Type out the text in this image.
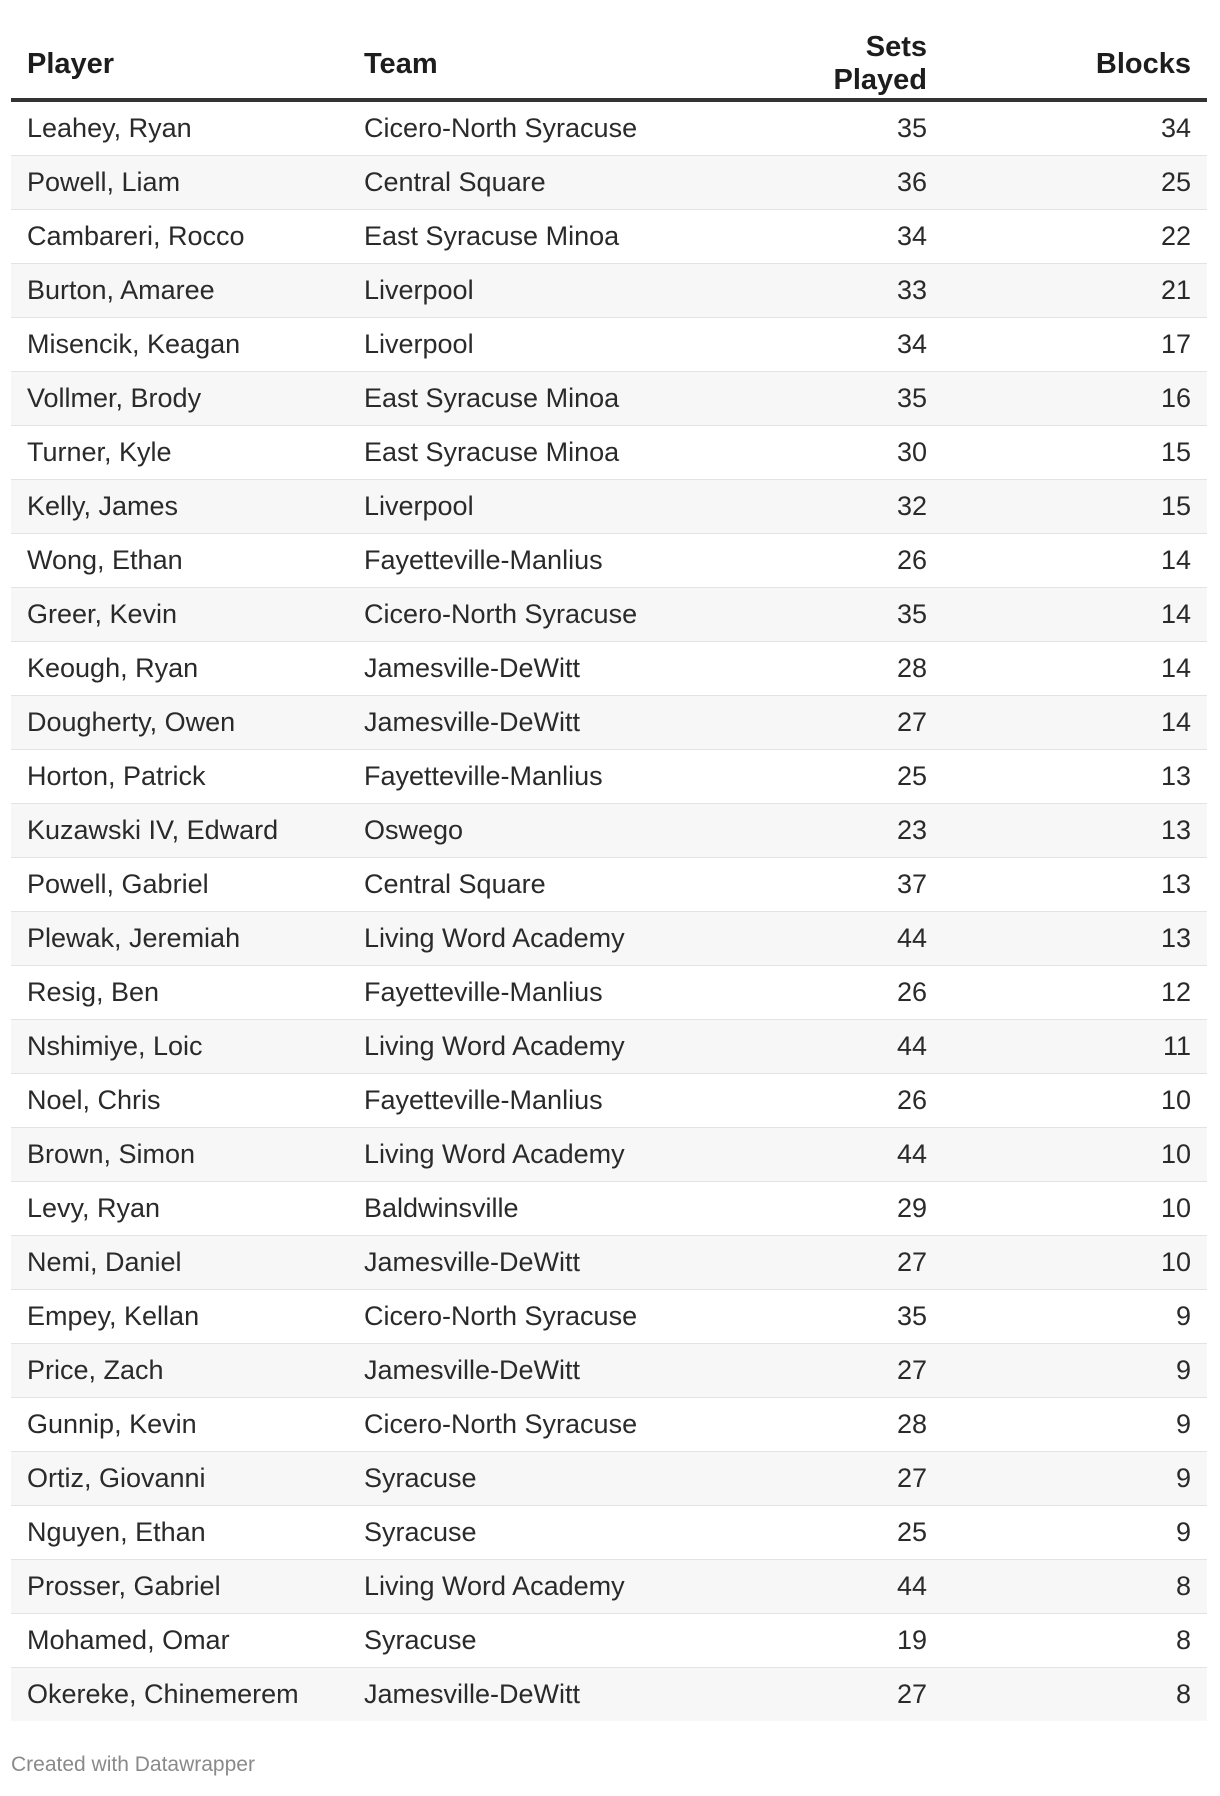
Player	Team	Sets Played	Blocks
Leahey, Ryan	Cicero-North Syracuse	35	34
Powell, Liam	Central Square	36	25
Cambareri, Rocco	East Syracuse Minoa	34	22
Burton, Amaree	Liverpool	33	21
Misencik, Keagan	Liverpool	34	17
Vollmer, Brody	East Syracuse Minoa	35	16
Turner, Kyle	East Syracuse Minoa	30	15
Kelly, James	Liverpool	32	15
Wong, Ethan	Fayetteville-Manlius	26	14
Greer, Kevin	Cicero-North Syracuse	35	14
Keough, Ryan	Jamesville-DeWitt	28	14
Dougherty, Owen	Jamesville-DeWitt	27	14
Horton, Patrick	Fayetteville-Manlius	25	13
Kuzawski IV, Edward	Oswego	23	13
Powell, Gabriel	Central Square	37	13
Plewak, Jeremiah	Living Word Academy	44	13
Resig, Ben	Fayetteville-Manlius	26	12
Nshimiye, Loic	Living Word Academy	44	11
Noel, Chris	Fayetteville-Manlius	26	10
Brown, Simon	Living Word Academy	44	10
Levy, Ryan	Baldwinsville	29	10
Nemi, Daniel	Jamesville-DeWitt	27	10
Empey, Kellan	Cicero-North Syracuse	35	9
Price, Zach	Jamesville-DeWitt	27	9
Gunnip, Kevin	Cicero-North Syracuse	28	9
Ortiz, Giovanni	Syracuse	27	9
Nguyen, Ethan	Syracuse	25	9
Prosser, Gabriel	Living Word Academy	44	8
Mohamed, Omar	Syracuse	19	8
Okereke, Chinemerem	Jamesville-DeWitt	27	8
Created with Datawrapper
